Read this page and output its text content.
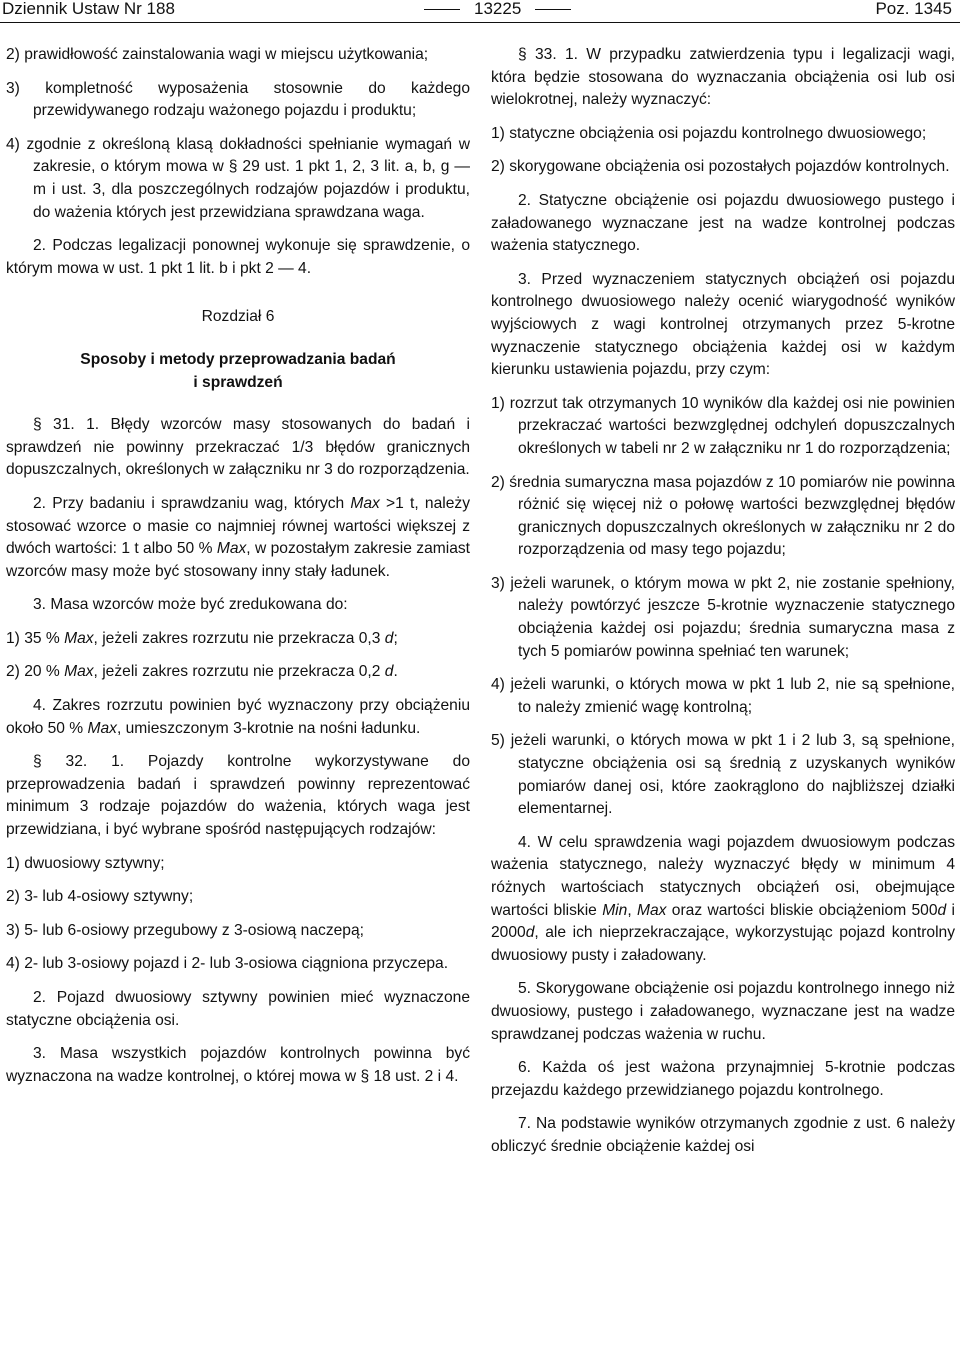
Dziennik Ustaw Nr 188	13225	Poz. 1345

2) prawidłowość zainstalowania wagi w miejscu użytkowania;

3) kompletność wyposażenia stosownie do każdego przewidywanego rodzaju ważonego pojazdu i produktu;

4) zgodnie z określoną klasą dokładności spełnianie wymagań w zakresie, o którym mowa w § 29 ust. 1 pkt 1, 2, 3 lit. a, b, g — m i ust. 3, dla poszczególnych rodzajów pojazdów i produktu, do ważenia których jest przewidziana sprawdzana waga.

2. Podczas legalizacji ponownej wykonuje się sprawdzenie, o którym mowa w ust. 1 pkt 1 lit. b i pkt 2 — 4.

Rozdział 6

Sposoby i metody przeprowadzania badań
i sprawdzeń

§ 31. 1. Błędy wzorców masy stosowanych do badań i sprawdzeń nie powinny przekraczać 1/3 błędów granicznych dopuszczalnych, określonych w załączniku nr 3 do rozporządzenia.

2. Przy badaniu i sprawdzaniu wag, których Max >1 t, należy stosować wzorce o masie co najmniej równej wartości większej z dwóch wartości: 1 t albo 50 % Max, w pozostałym zakresie zamiast wzorców masy może być stosowany inny stały ładunek.

3. Masa wzorców może być zredukowana do:

1) 35 % Max, jeżeli zakres rozrzutu nie przekracza 0,3 d;

2) 20 % Max, jeżeli zakres rozrzutu nie przekracza 0,2 d.

4. Zakres rozrzutu powinien być wyznaczony przy obciążeniu około 50 % Max, umieszczonym 3-krotnie na nośni ładunku.

§ 32. 1. Pojazdy kontrolne wykorzystywane do przeprowadzenia badań i sprawdzeń powinny reprezentować minimum 3 rodzaje pojazdów do ważenia, których waga jest przewidziana, i być wybrane spośród następujących rodzajów:

1) dwuosiowy sztywny;

2) 3- lub 4-osiowy sztywny;

3) 5- lub 6-osiowy przegubowy z 3-osiową naczepą;

4) 2- lub 3-osiowy pojazd i 2- lub 3-osiowa ciągniona przyczepa.

2. Pojazd dwuosiowy sztywny powinien mieć wyznaczone statyczne obciążenia osi.

3. Masa wszystkich pojazdów kontrolnych powinna być wyznaczona na wadze kontrolnej, o której mowa w § 18 ust. 2 i 4.

§ 33. 1. W przypadku zatwierdzenia typu i legalizacji wagi, która będzie stosowana do wyznaczania obciążenia osi lub osi wielokrotnej, należy wyznaczyć:

1) statyczne obciążenia osi pojazdu kontrolnego dwuosiowego;

2) skorygowane obciążenia osi pozostałych pojazdów kontrolnych.

2. Statyczne obciążenie osi pojazdu dwuosiowego pustego i załadowanego wyznaczane jest na wadze kontrolnej podczas ważenia statycznego.

3. Przed wyznaczeniem statycznych obciążeń osi pojazdu kontrolnego dwuosiowego należy ocenić wiarygodność wyników wyjściowych z wagi kontrolnej otrzymanych przez 5-krotne wyznaczenie statycznego obciążenia każdej osi w każdym kierunku ustawienia pojazdu, przy czym:

1) rozrzut tak otrzymanych 10 wyników dla każdej osi nie powinien przekraczać wartości bezwzględnej odchyleń dopuszczalnych określonych w tabeli nr 2 w załączniku nr 1 do rozporządzenia;

2) średnia sumaryczna masa pojazdów z 10 pomiarów nie powinna różnić się więcej niż o połowę wartości bezwzględnej błędów granicznych dopuszczalnych określonych w załączniku nr 2 do rozporządzenia od masy tego pojazdu;

3) jeżeli warunek, o którym mowa w pkt 2, nie zostanie spełniony, należy powtórzyć jeszcze 5-krotnie wyznaczenie statycznego obciążenia każdej osi pojazdu; średnia sumaryczna masa z tych 5 pomiarów powinna spełniać ten warunek;

4) jeżeli warunki, o których mowa w pkt 1 lub 2, nie są spełnione, to należy zmienić wagę kontrolną;

5) jeżeli warunki, o których mowa w pkt 1 i 2 lub 3, są spełnione, statyczne obciążenia osi są średnią z uzyskanych wyników pomiarów danej osi, które zaokrąglono do najbliższej działki elementarnej.

4. W celu sprawdzenia wagi pojazdem dwuosiowym podczas ważenia statycznego, należy wyznaczyć błędy w minimum 4 różnych wartościach statycznych obciążeń osi, obejmujące wartości bliskie Min, Max oraz wartości bliskie obciążeniom 500d i 2000d, ale ich nieprzekraczające, wykorzystując pojazd kontrolny dwuosiowy pusty i załadowany.

5. Skorygowane obciążenie osi pojazdu kontrolnego innego niż dwuosiowy, pustego i załadowanego, wyznaczane jest na wadze sprawdzanej podczas ważenia w ruchu.

6. Każda oś jest ważona przynajmniej 5-krotnie podczas przejazdu każdego przewidzianego pojazdu kontrolnego.

7. Na podstawie wyników otrzymanych zgodnie z ust. 6 należy obliczyć średnie obciążenie każdej osi
